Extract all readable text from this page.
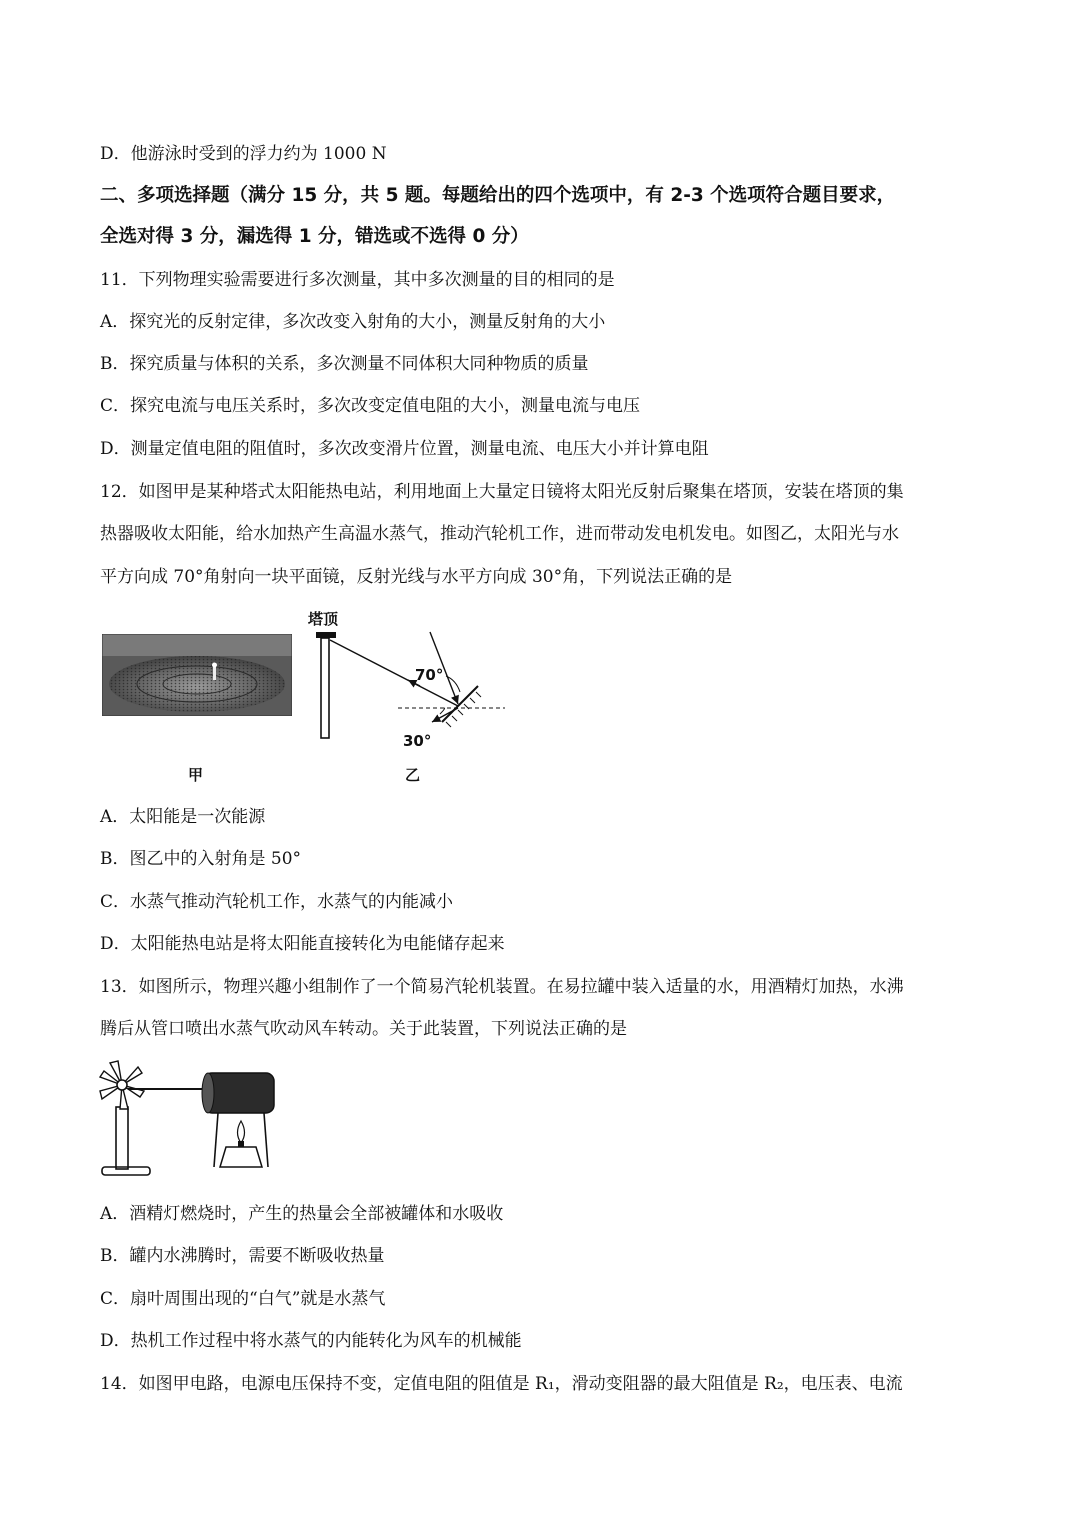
D．他游泳时受到的浮力约为 1000 N
二、多项选择题（满分 15 分，共 5 题。每题给出的四个选项中，有 2-3 个选项符合题目要求，
全选对得 3 分，漏选得 1 分，错选或不选得 0 分）
11．下列物理实验需要进行多次测量，其中多次测量的目的相同的是
A．探究光的反射定律，多次改变入射角的大小，测量反射角的大小
B．探究质量与体积的关系，多次测量不同体积大同种物质的质量
C．探究电流与电压关系时，多次改变定值电阻的大小，测量电流与电压
D．测量定值电阻的阻值时，多次改变滑片位置，测量电流、电压大小并计算电阻
12．如图甲是某种塔式太阳能热电站，利用地面上大量定日镜将太阳光反射后聚集在塔顶，安装在塔顶的集
热器吸收太阳能，给水加热产生高温水蒸气，推动汽轮机工作，进而带动发电机发电。如图乙，太阳光与水
平方向成 70°角射向一块平面镜，反射光线与水平方向成 30°角，下列说法正确的是
甲
塔顶
70°
30°
乙
A．太阳能是一次能源
B．图乙中的入射角是 50°
C．水蒸气推动汽轮机工作，水蒸气的内能减小
D．太阳能热电站是将太阳能直接转化为电能储存起来
13．如图所示，物理兴趣小组制作了一个简易汽轮机装置。在易拉罐中装入适量的水，用酒精灯加热，水沸
腾后从管口喷出水蒸气吹动风车转动。关于此装置，下列说法正确的是
A．酒精灯燃烧时，产生的热量会全部被罐体和水吸收
B．罐内水沸腾时，需要不断吸收热量
C．扇叶周围出现的“白气”就是水蒸气
D．热机工作过程中将水蒸气的内能转化为风车的机械能
14．如图甲电路，电源电压保持不变，定值电阻的阻值是 R₁，滑动变阻器的最大阻值是 R₂，电压表、电流
